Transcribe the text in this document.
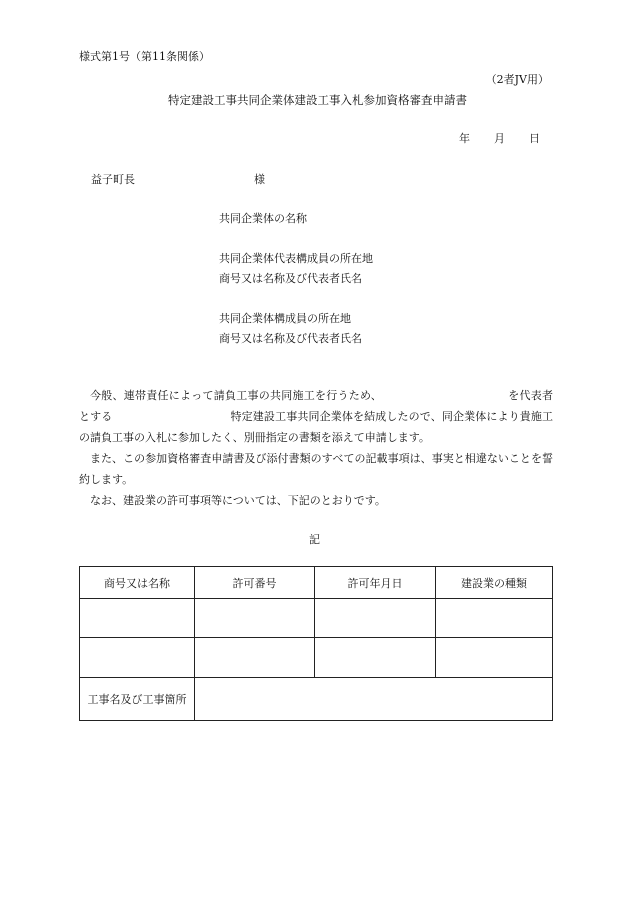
様式第1号（第11条関係）
（2者JV用）
特定建設工事共同企業体建設工事入札参加資格審査申請書
年 月 日
益子町長	様
共同企業体の名称
共同企業体代表構成員の所在地
商号又は名称及び代表者氏名
共同企業体構成員の所在地
商号又は名称及び代表者氏名

今般、連帯責任によって請負工事の共同施工を行うため、	を代表者とする	特定建設工事共同企業体を結成したので、同企業体により貴施工の請負工事の入札に参加したく、別冊指定の書類を添えて申請します。

また、この参加資格審査申請書及び添付書類のすべての記載事項は、事実と相違ないことを誓約します。

なお、建設業の許可事項等については、下記のとおりです。

記
商号又は名称	許可番号	許可年月日	建設業の種類

工事名及び工事箇所			
